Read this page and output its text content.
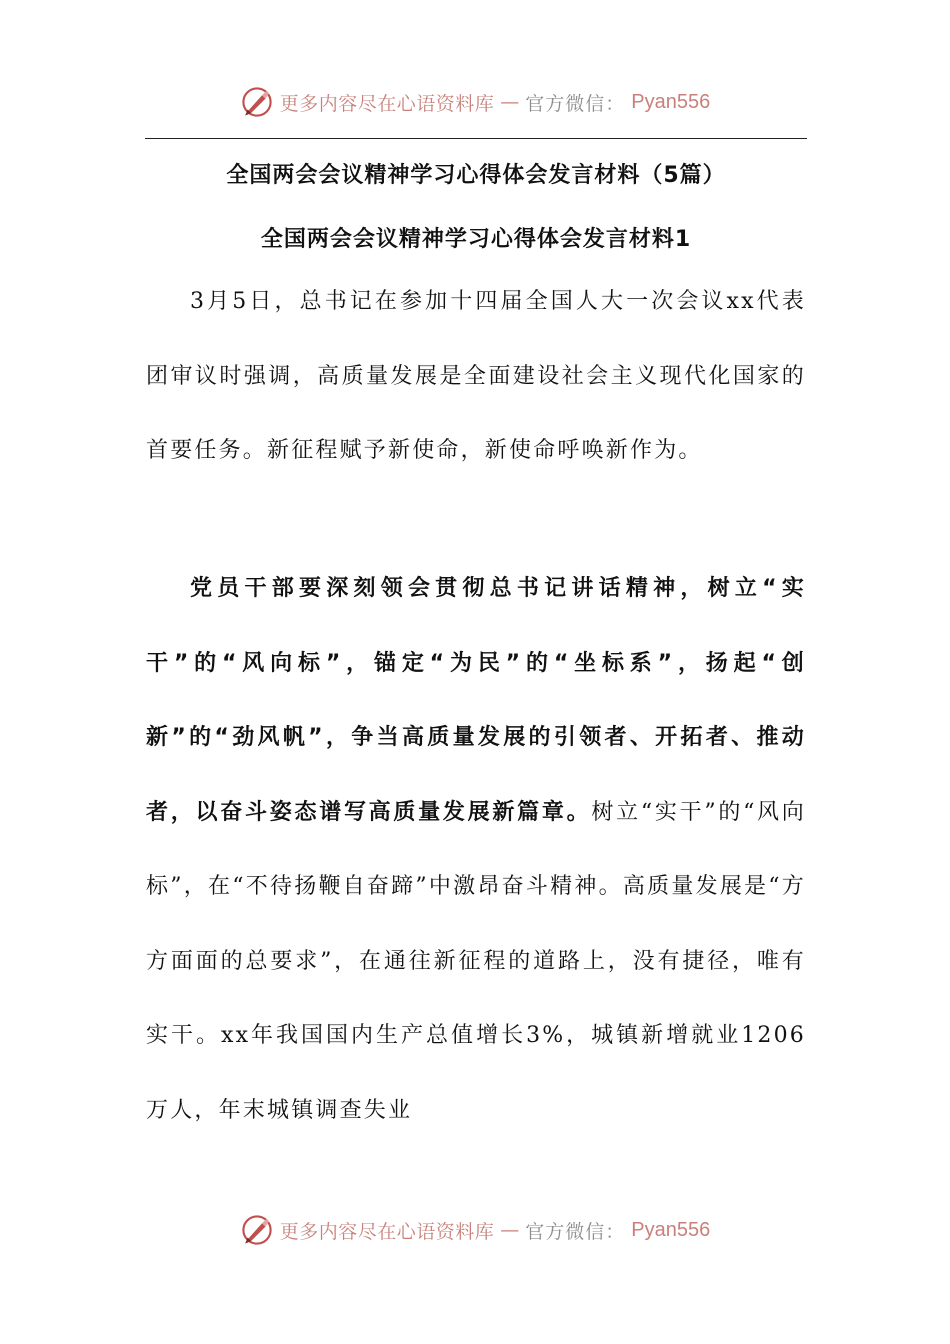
更多内容尽在心语资料库 — 官方微信： Pyan556
全国两会会议精神学习心得体会发言材料（5篇）
全国两会会议精神学习心得体会发言材料1

3月5日，总书记在参加十四届全国人大一次会议xx代表团审议时强调，高质量发展是全面建设社会主义现代化国家的首要任务。新征程赋予新使命，新使命呼唤新作为。

党员干部要深刻领会贯彻总书记讲话精神，树立“实干”的“风向标”，锚定“为民”的“坐标系”，扬起“创新”的“劲风帆”，争当高质量发展的引领者、开拓者、推动者，以奋斗姿态谱写高质量发展新篇章。树立“实干”的“风向标”，在“不待扬鞭自奋蹄”中激昂奋斗精神。高质量发展是“方方面面的总要求”，在通往新征程的道路上，没有捷径，唯有实干。xx年我国国内生产总值增长3%，城镇新增就业1206万人，年末城镇调查失业

更多内容尽在心语资料库 — 官方微信： Pyan556
